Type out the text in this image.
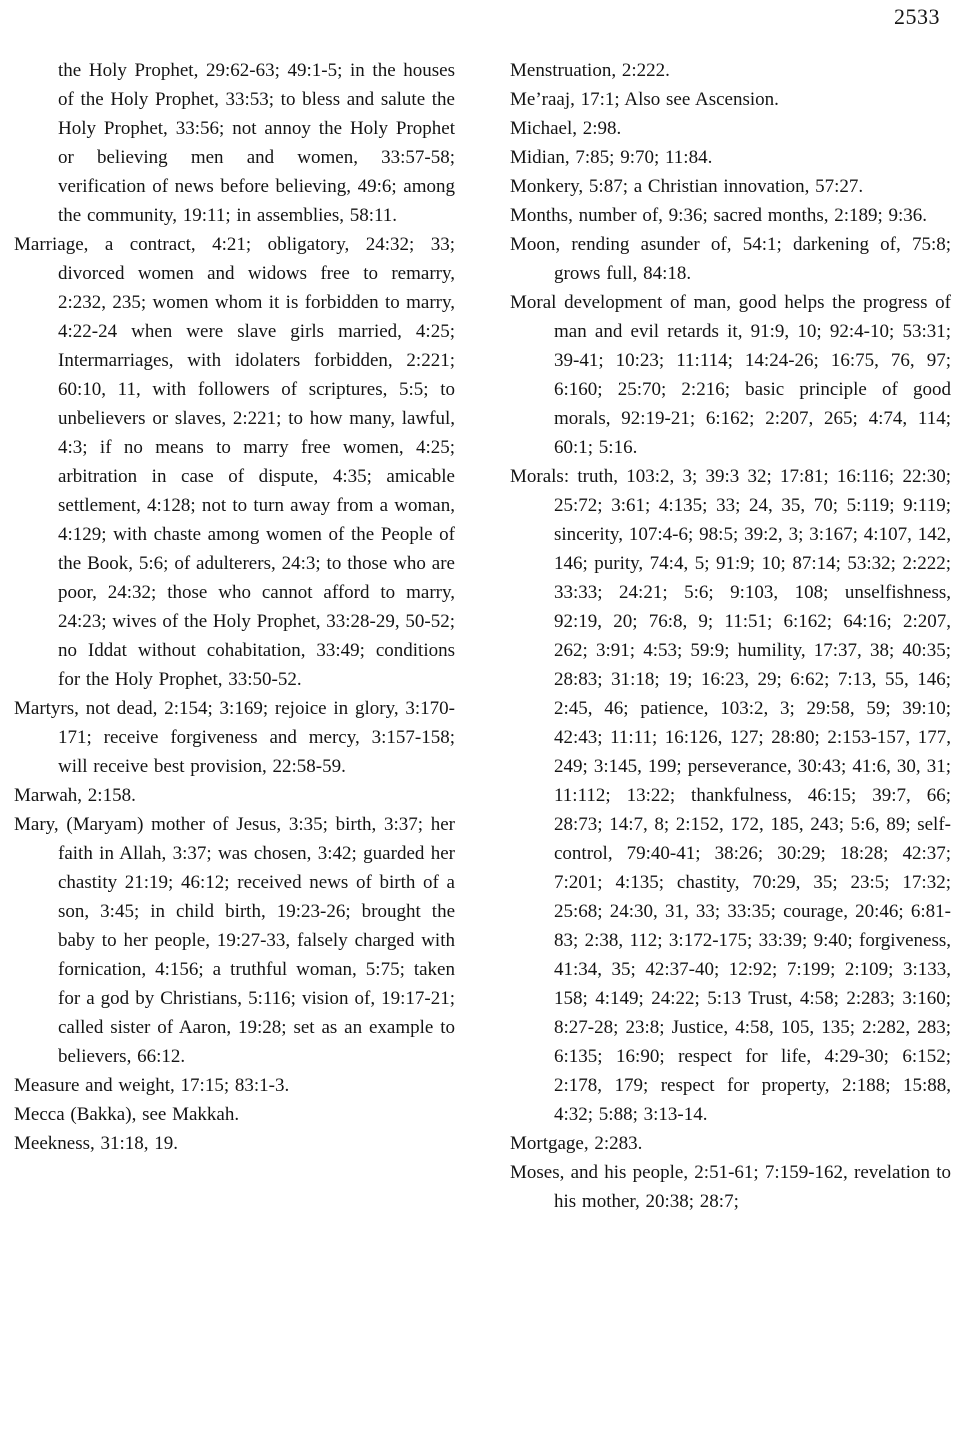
2533

the Holy Prophet, 29:62-63; 49:1-5; in the houses of the Holy Prophet, 33:53; to bless and salute the Holy Prophet, 33:56; not annoy the Holy Prophet or believing men and women, 33:57-58; verification of news before believing, 49:6; among the community, 19:11; in assemblies, 58:11.

Marriage, a contract, 4:21; obligatory, 24:32; 33; divorced women and widows free to remarry, 2:232, 235; women whom it is forbidden to marry, 4:22-24 when were slave girls married, 4:25; Intermarriages, with idolaters forbidden, 2:221; 60:10, 11, with followers of scriptures, 5:5; to unbelievers or slaves, 2:221; to how many, lawful, 4:3; if no means to marry free women, 4:25; arbitration in case of dispute, 4:35; amicable settlement, 4:128; not to turn away from a woman, 4:129; with chaste among women of the People of the Book, 5:6; of adulterers, 24:3; to those who are poor, 24:32; those who cannot afford to marry, 24:23; wives of the Holy Prophet, 33:28-29, 50-52; no Iddat without cohabitation, 33:49; conditions for the Holy Prophet, 33:50-52.

Martyrs, not dead, 2:154; 3:169; rejoice in glory, 3:170-171; receive forgiveness and mercy, 3:157-158; will receive best provision, 22:58-59.

Marwah, 2:158.

Mary, (Maryam) mother of Jesus, 3:35; birth, 3:37; her faith in Allah, 3:37; was chosen, 3:42; guarded her chastity 21:19; 46:12; received news of birth of a son, 3:45; in child birth, 19:23-26; brought the baby to her people, 19:27-33, falsely charged with fornication, 4:156; a truthful woman, 5:75; taken for a god by Christians, 5:116; vision of, 19:17-21; called sister of Aaron, 19:28; set as an example to believers, 66:12.

Measure and weight, 17:15; 83:1-3.

Mecca (Bakka), see Makkah.

Meekness, 31:18, 19.

Menstruation, 2:222.

Me’raaj, 17:1; Also see Ascension.

Michael, 2:98.

Midian, 7:85; 9:70; 11:84.

Monkery, 5:87; a Christian innovation, 57:27.

Months, number of, 9:36; sacred months, 2:189; 9:36.

Moon, rending asunder of, 54:1; darkening of, 75:8; grows full, 84:18.

Moral development of man, good helps the progress of man and evil retards it, 91:9, 10; 92:4-10; 53:31; 39-41; 10:23; 11:114; 14:24-26; 16:75, 76, 97; 6:160; 25:70; 2:216; basic principle of good morals, 92:19-21; 6:162; 2:207, 265; 4:74, 114; 60:1; 5:16.

Morals: truth, 103:2, 3; 39:3 32; 17:81; 16:116; 22:30; 25:72; 3:61; 4:135; 33; 24, 35, 70; 5:119; 9:119; sincerity, 107:4-6; 98:5; 39:2, 3; 3:167; 4:107, 142, 146; purity, 74:4, 5; 91:9; 10; 87:14; 53:32; 2:222; 33:33; 24:21; 5:6; 9:103, 108; unselfishness, 92:19, 20; 76:8, 9; 11:51; 6:162; 64:16; 2:207, 262; 3:91; 4:53; 59:9; humility, 17:37, 38; 40:35; 28:83; 31:18; 19; 16:23, 29; 6:62; 7:13, 55, 146; 2:45, 46; patience, 103:2, 3; 29:58, 59; 39:10; 42:43; 11:11; 16:126, 127; 28:80; 2:153-157, 177, 249; 3:145, 199; perseverance, 30:43; 41:6, 30, 31; 11:112; 13:22; thankfulness, 46:15; 39:7, 66; 28:73; 14:7, 8; 2:152, 172, 185, 243; 5:6, 89; self-control, 79:40-41; 38:26; 30:29; 18:28; 42:37; 7:201; 4:135; chastity, 70:29, 35; 23:5; 17:32; 25:68; 24:30, 31, 33; 33:35; courage, 20:46; 6:81-83; 2:38, 112; 3:172-175; 33:39; 9:40; forgiveness, 41:34, 35; 42:37-40; 12:92; 7:199; 2:109; 3:133, 158; 4:149; 24:22; 5:13 Trust, 4:58; 2:283; 3:160; 8:27-28; 23:8; Justice, 4:58, 105, 135; 2:282, 283; 6:135; 16:90; respect for life, 4:29-30; 6:152; 2:178, 179; respect for property, 2:188; 15:88, 4:32; 5:88; 3:13-14.

Mortgage, 2:283.

Moses, and his people, 2:51-61; 7:159-162, revelation to his mother, 20:38; 28:7;
